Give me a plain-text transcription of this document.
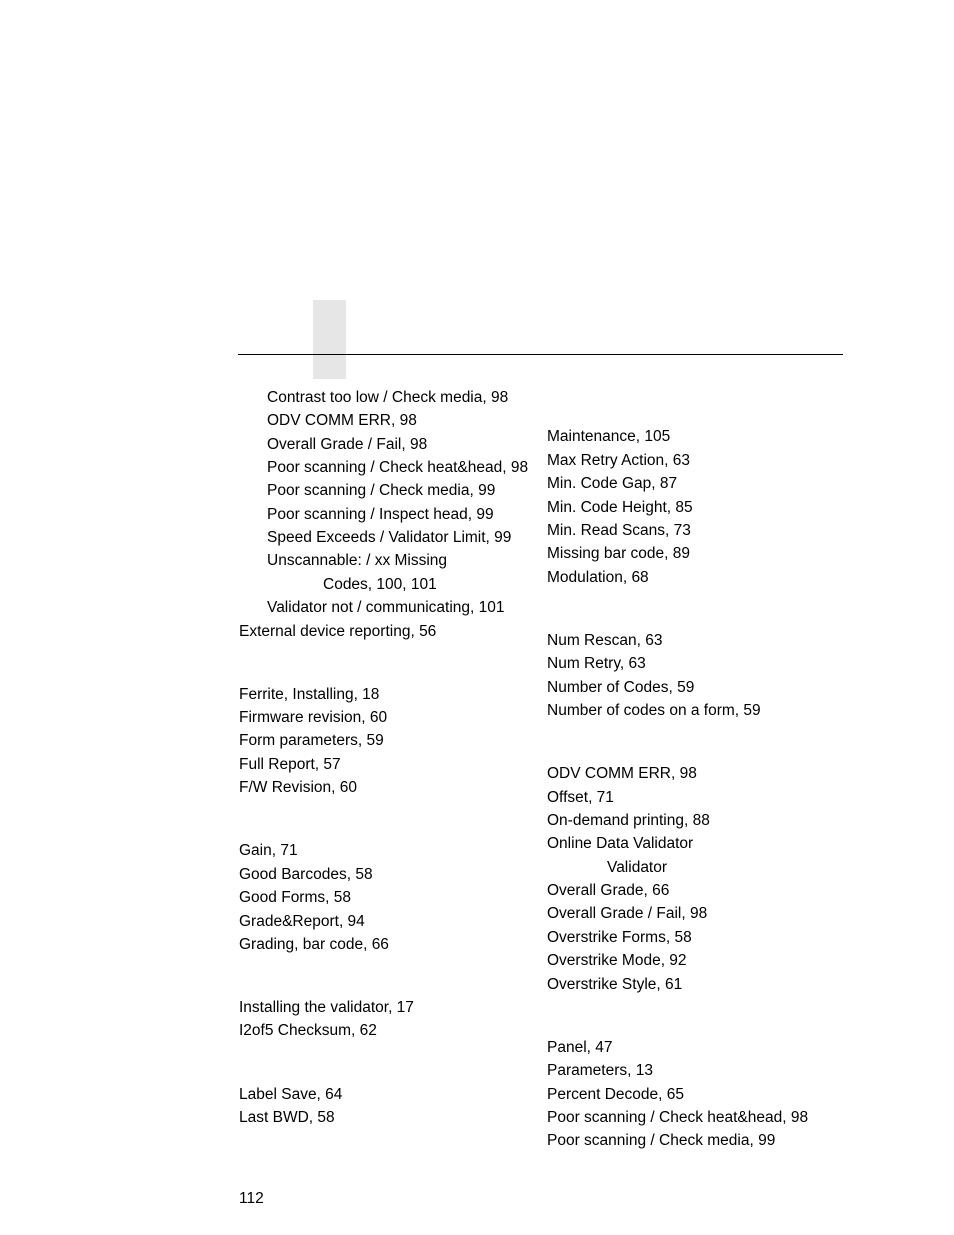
Contrast too low / Check media, 98
ODV COMM ERR, 98
Overall Grade / Fail, 98
Poor scanning / Check heat&head, 98
Poor scanning / Check media, 99
Poor scanning / Inspect head, 99
Speed Exceeds / Validator Limit, 99
Unscannable: / xx Missing
Codes, 100, 101
Validator not / communicating, 101
External device reporting, 56
Ferrite, Installing, 18
Firmware revision, 60
Form parameters, 59
Full Report, 57
F/W Revision, 60
Gain, 71
Good Barcodes, 58
Good Forms, 58
Grade&Report, 94
Grading, bar code, 66
Installing the validator, 17
I2of5 Checksum, 62
Label Save, 64
Last BWD, 58
Maintenance, 105
Max Retry Action, 63
Min. Code Gap, 87
Min. Code Height, 85
Min. Read Scans, 73
Missing bar code, 89
Modulation, 68
Num Rescan, 63
Num Retry, 63
Number of Codes, 59
Number of codes on a form, 59
ODV COMM ERR, 98
Offset, 71
On-demand printing, 88
Online Data Validator
Validator
Overall Grade, 66
Overall Grade / Fail, 98
Overstrike Forms, 58
Overstrike Mode, 92
Overstrike Style, 61
Panel, 47
Parameters, 13
Percent Decode, 65
Poor scanning / Check heat&head, 98
Poor scanning / Check media, 99
112
